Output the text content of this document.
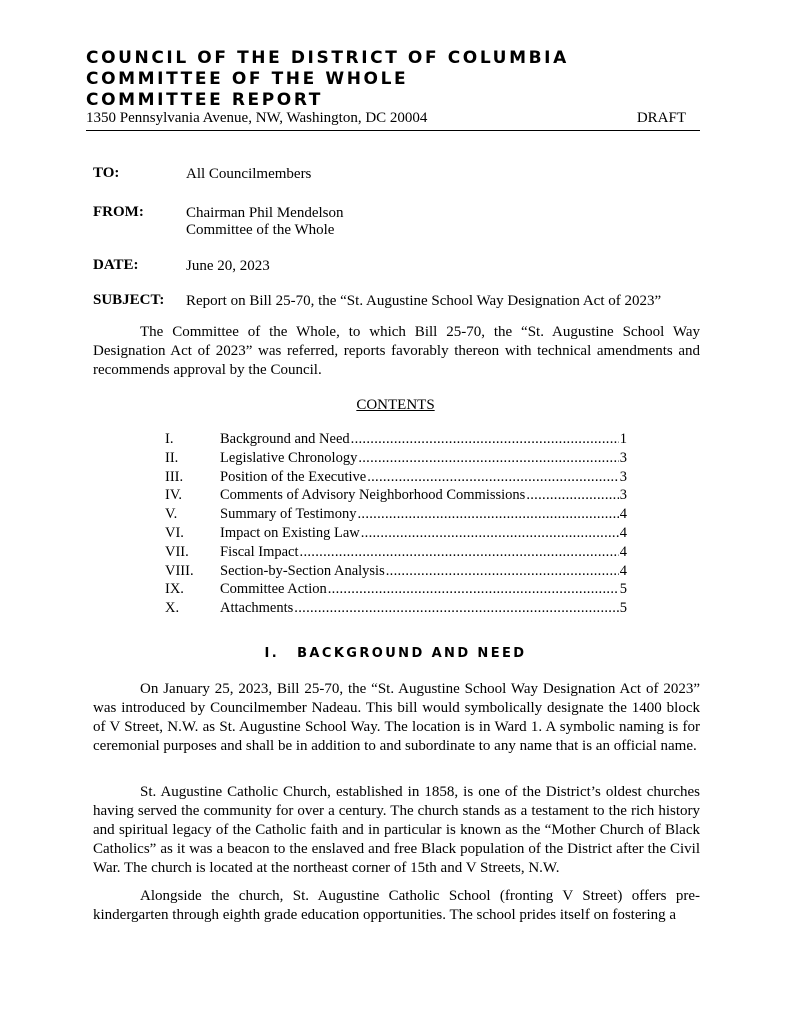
COUNCIL OF THE DISTRICT OF COLUMBIA
COMMITTEE OF THE WHOLE
COMMITTEE REPORT
1350 Pennsylvania Avenue, NW, Washington, DC 20004	DRAFT
TO:	All Councilmembers
FROM:	Chairman Phil Mendelson
Committee of the Whole
DATE:	June 20, 2023
SUBJECT: Report on Bill 25-70, the “St. Augustine School Way Designation Act of 2023”
The Committee of the Whole, to which Bill 25-70, the “St. Augustine School Way Designation Act of 2023” was referred, reports favorably thereon with technical amendments and recommends approval by the Council.
CONTENTS
I.	Background and Need .....	1
II.	Legislative Chronology .....	3
III.	Position of the Executive .....	3
IV.	Comments of Advisory Neighborhood Commissions .....	3
V.	Summary of Testimony .....	4
VI.	Impact on Existing Law .....	4
VII.	Fiscal Impact .....	4
VIII.	Section-by-Section Analysis .....	4
IX.	Committee Action .....	5
X.	Attachments .....	5
I. BACKGROUND AND NEED
On January 25, 2023, Bill 25-70, the “St. Augustine School Way Designation Act of 2023” was introduced by Councilmember Nadeau. This bill would symbolically designate the 1400 block of V Street, N.W. as St. Augustine School Way. The location is in Ward 1. A symbolic naming is for ceremonial purposes and shall be in addition to and subordinate to any name that is an official name.
St. Augustine Catholic Church, established in 1858, is one of the District’s oldest churches having served the community for over a century. The church stands as a testament to the rich history and spiritual legacy of the Catholic faith and in particular is known as the “Mother Church of Black Catholics” as it was a beacon to the enslaved and free Black population of the District after the Civil War. The church is located at the northeast corner of 15th and V Streets, N.W.
Alongside the church, St. Augustine Catholic School (fronting V Street) offers pre-kindergarten through eighth grade education opportunities. The school prides itself on fostering a
